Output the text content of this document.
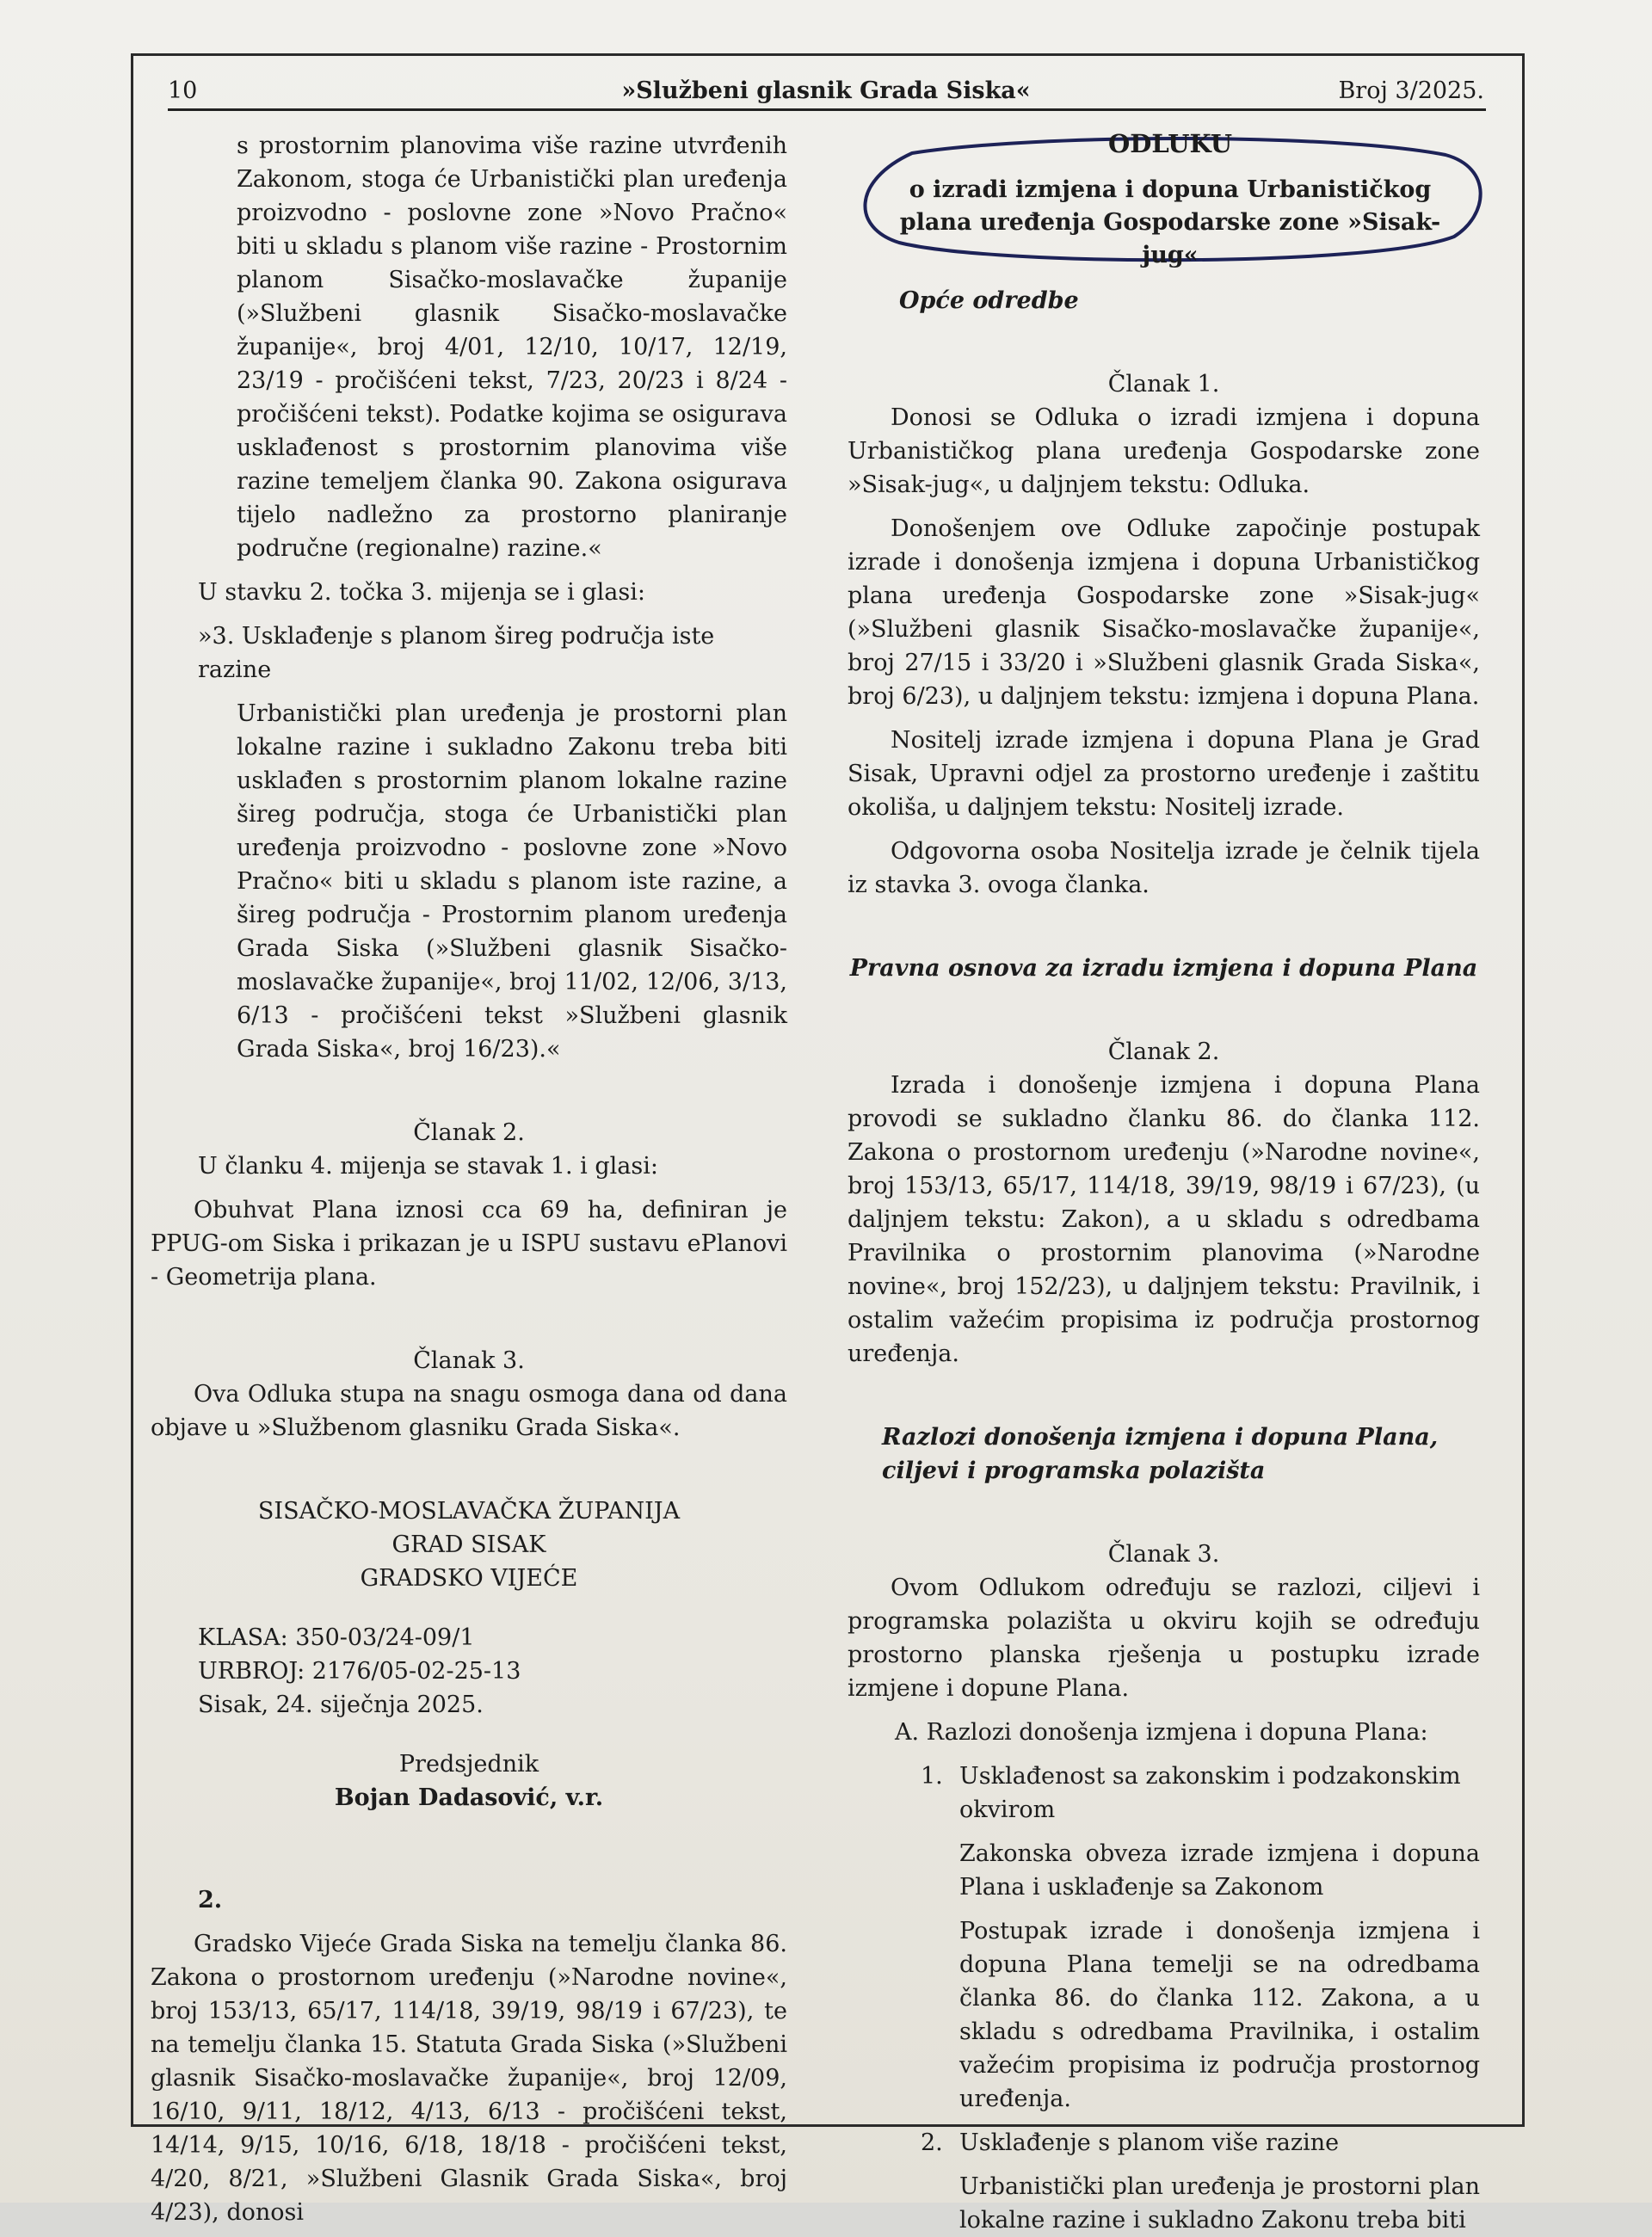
10	»Službeni glasnik Grada Siska«	Broj 3/2025.

s prostornim planovima više razine utvrđenih Zakonom, stoga će Urbanistički plan uređenja proizvodno - poslovne zone »Novo Pračno« biti u skladu s planom više razine - Prostornim planom Sisačko-moslavačke županije (»Službeni glasnik Sisačko-moslavačke županije«, broj 4/01, 12/10, 10/17, 12/19, 23/19 - pročišćeni tekst, 7/23, 20/23 i 8/24 - pročišćeni tekst). Podatke kojima se osigurava usklađenost s prostornim planovima više razine temeljem članka 90. Zakona osigurava tijelo nadležno za prostorno planiranje područne (regionalne) razine.«

U stavku 2. točka 3. mijenja se i glasi:

»3. Usklađenje s planom šireg područja iste razine

Urbanistički plan uređenja je prostorni plan lokalne razine i sukladno Zakonu treba biti usklađen s prostornim planom lokalne razine šireg područja, stoga će Urbanistički plan uređenja proizvodno - poslovne zone »Novo Pračno« biti u skladu s planom iste razine, a šireg područja - Prostornim planom uređenja Grada Siska (»Službeni glasnik Sisačko-moslavačke županije«, broj 11/02, 12/06, 3/13, 6/13 - pročišćeni tekst »Službeni glasnik Grada Siska«, broj 16/23).«

Članak 2.

U članku 4. mijenja se stavak 1. i glasi:

Obuhvat Plana iznosi cca 69 ha, definiran je PPUG-om Siska i prikazan je u ISPU sustavu ePlanovi - Geometrija plana.

Članak 3.

Ova Odluka stupa na snagu osmoga dana od dana objave u »Službenom glasniku Grada Siska«.

SISAČKO-MOSLAVAČKA ŽUPANIJA

GRAD SISAK

GRADSKO VIJEĆE

KLASA: 350-03/24-09/1

URBROJ: 2176/05-02-25-13

Sisak, 24. siječnja 2025.

Predsjednik

Bojan Dadasović, v.r.

2.

Gradsko Vijeće Grada Siska na temelju članka 86. Zakona o prostornom uređenju (»Narodne novine«, broj 153/13, 65/17, 114/18, 39/19, 98/19 i 67/23), te na temelju članka 15. Statuta Grada Siska (»Službeni glasnik Sisačko-moslavačke županije«, broj 12/09, 16/10, 9/11, 18/12, 4/13, 6/13 - pročišćeni tekst, 14/14, 9/15, 10/16, 6/18, 18/18 - pročišćeni tekst, 4/20, 8/21, »Službeni Glasnik Grada Siska«, broj 4/23), donosi

ODLUKU
o izradi izmjena i dopuna Urbanističkog plana uređenja Gospodarske zone »Sisak-jug«

Opće odredbe

Članak 1.

Donosi se Odluka o izradi izmjena i dopuna Urbanističkog plana uređenja Gospodarske zone »Sisak-jug«, u daljnjem tekstu: Odluka.

Donošenjem ove Odluke započinje postupak izrade i donošenja izmjena i dopuna Urbanističkog plana uređenja Gospodarske zone »Sisak-jug« (»Službeni glasnik Sisačko-moslavačke županije«, broj 27/15 i 33/20 i »Službeni glasnik Grada Siska«, broj 6/23), u daljnjem tekstu: izmjena i dopuna Plana.

Nositelj izrade izmjena i dopuna Plana je Grad Sisak, Upravni odjel za prostorno uređenje i zaštitu okoliša, u daljnjem tekstu: Nositelj izrade.

Odgovorna osoba Nositelja izrade je čelnik tijela iz stavka 3. ovoga članka.

Pravna osnova za izradu izmjena i dopuna Plana

Članak 2.

Izrada i donošenje izmjena i dopuna Plana provodi se sukladno članku 86. do članka 112. Zakona o prostornom uređenju (»Narodne novine«, broj 153/13, 65/17, 114/18, 39/19, 98/19 i 67/23), (u daljnjem tekstu: Zakon), a u skladu s odredbama Pravilnika o prostornim planovima (»Narodne novine«, broj 152/23), u daljnjem tekstu: Pravilnik, i ostalim važećim propisima iz područja prostornog uređenja.

Razlozi donošenja izmjena i dopuna Plana, ciljevi i programska polazišta

Članak 3.

Ovom Odlukom određuju se razlozi, ciljevi i programska polazišta u okviru kojih se određuju prostorno planska rješenja u postupku izrade izmjene i dopune Plana.

A. Razlozi donošenja izmjena i dopuna Plana:

1. Usklađenost sa zakonskim i podzakonskim okvirom

Zakonska obveza izrade izmjena i dopuna Plana i usklađenje sa Zakonom

Postupak izrade i donošenja izmjena i dopuna Plana temelji se na odredbama članka 86. do članka 112. Zakona, a u skladu s odredbama Pravilnika, i ostalim važećim propisima iz područja prostornog uređenja.

2. Usklađenje s planom više razine

Urbanistički plan uređenja je prostorni plan lokalne razine i sukladno Zakonu treba biti
